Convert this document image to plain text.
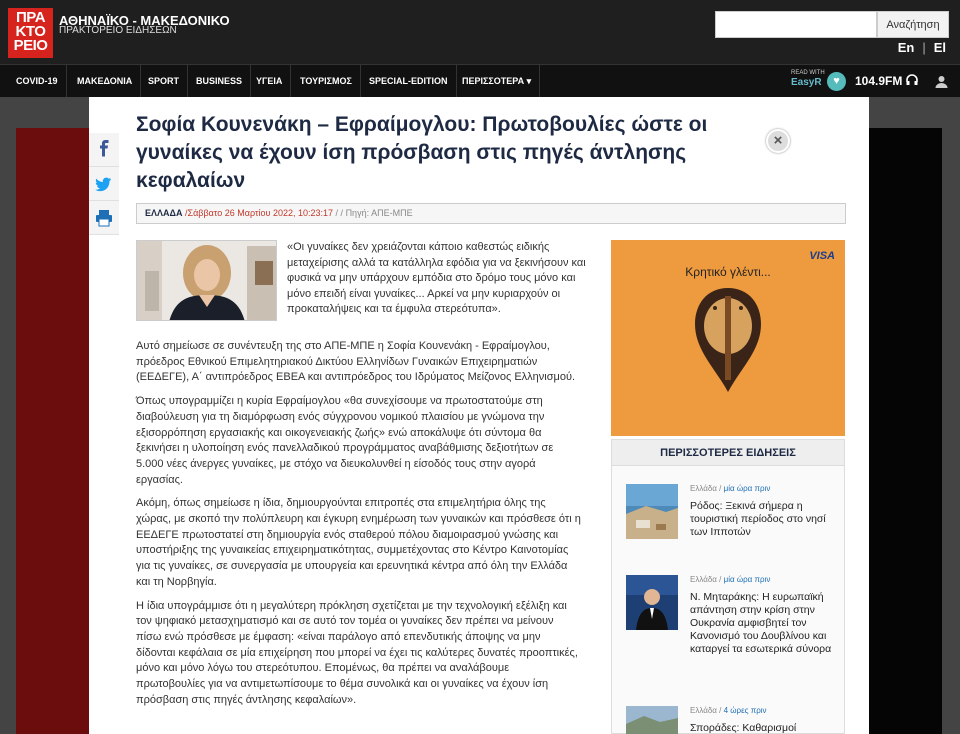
ΠΡΑ
ΚΤΟ
ΡΕΙΟ
ΑΘΗΝΑΪΚΟ - ΜΑΚΕΔΟΝΙΚΟ
ΠΡΑΚΤΟΡΕΙΟ ΕΙΔΗΣΕΩΝ	Αναζήτηση
En | El
COVID-19	ΜΑΚΕΔΟΝΙΑ	SPORT	BUSINESS	ΥΓΕΙΑ	ΤΟΥΡΙΣΜΟΣ	SPECIAL-EDITION	ΠΕΡΙΣΣΟΤΕΡΑ ▾
READ WITH
EasyR	♥	104.9FM
Σοφία Κουνενάκη – Εφραίμογλου: Πρωτοβουλίες ώστε οι γυναίκες να έχουν ίση πρόσβαση στις πηγές άντλησης κεφαλαίων
ΕΛΛΑΔΑ /Σάββατο 26 Μαρτίου 2022, 10:23:17 / / Πηγή: ΑΠΕ-ΜΠΕ
«Οι γυναίκες δεν χρειάζονται κάποιο καθεστώς ειδικής μεταχείρισης αλλά τα κατάλληλα εφόδια για να ξεκινήσουν και φυσικά να μην υπάρχουν εμπόδια στο δρόμο τους μόνο και μόνο επειδή είναι γυναίκες... Αρκεί να μην κυριαρχούν οι προκαταλήψεις και τα έμφυλα στερεότυπα».

Αυτό σημείωσε σε συνέντευξη της στο ΑΠΕ-ΜΠΕ η Σοφία Κουνενάκη - Εφραίμογλου, πρόεδρος Εθνικού Επιμελητηριακού Δικτύου Ελληνίδων Γυναικών Επιχειρηματιών (ΕΕΔΕΓΕ), Α΄ αντιπρόεδρος ΕΒΕΑ και αντιπρόεδρος του Ιδρύματος Μείζονος Ελληνισμού.

Όπως υπογραμμίζει η κυρία Εφραίμογλου «θα συνεχίσουμε να πρωτοστατούμε στη διαβούλευση για τη διαμόρφωση ενός σύγχρονου νομικού πλαισίου με γνώμονα την εξισορρόπηση εργασιακής και οικογενειακής ζωής» ενώ αποκάλυψε ότι σύντομα θα ξεκινήσει η υλοποίηση ενός πανελλαδικού προγράμματος αναβάθμισης δεξιοτήτων σε 5.000 νέες άνεργες γυναίκες, με στόχο να διευκολυνθεί η είσοδός τους στην αγορά εργασίας.

Ακόμη, όπως σημείωσε η ίδια, δημιουργούνται επιτροπές στα επιμελητήρια όλης της χώρας, με σκοπό την πολύπλευρη και έγκυρη ενημέρωση των γυναικών και πρόσθεσε ότι η ΕΕΔΕΓΕ πρωτοστατεί στη δημιουργία ενός σταθερού πόλου διαμοιρασμού γνώσης και υποστήριξης της γυναικείας επιχειρηματικότητας, συμμετέχοντας στο Κέντρο Καινοτομίας για τις γυναίκες, σε συνεργασία με υπουργεία και ερευνητικά κέντρα από όλη την Ελλάδα και τη Νορβηγία.

Η ίδια υπογράμμισε ότι η μεγαλύτερη πρόκληση σχετίζεται με την τεχνολογική εξέλιξη και τον ψηφιακό μετασχηματισμό και σε αυτό τον τομέα οι γυναίκες δεν πρέπει να μείνουν πίσω ενώ πρόσθεσε με έμφαση: «είναι παράλογο από επενδυτικής άποψης να μην δίδονται κεφάλαια σε μία επιχείρηση που μπορεί να έχει τις καλύτερες δυνατές προοπτικές, μόνο και μόνο λόγω του στερεότυπου. Επομένως, θα πρέπει να αναλάβουμε πρωτοβουλίες για να αντιμετωπίσουμε το θέμα συνολικά και οι γυναίκες να έχουν ίση πρόσβαση στις πηγές άντλησης κεφαλαίων».

VISA
Κρητικό γλέντι...
ΠΕΡΙΣΣΟΤΕΡΕΣ ΕΙΔΗΣΕΙΣ
Ελλάδα / μία ώρα πριν
Ρόδος: Ξεκινά σήμερα η τουριστική περίοδος στο νησί των Ιπποτών
Ελλάδα / μία ώρα πριν
Ν. Μηταράκης: Η ευρωπαϊκή απάντηση στην κρίση στην Ουκρανία αμφισβητεί τον Κανονισμό του Δουβλίνου και καταργεί τα εσωτερικά σύνορα
Ελλάδα / 4 ώρες πριν
Σποράδες: Καθαρισμοί
×
